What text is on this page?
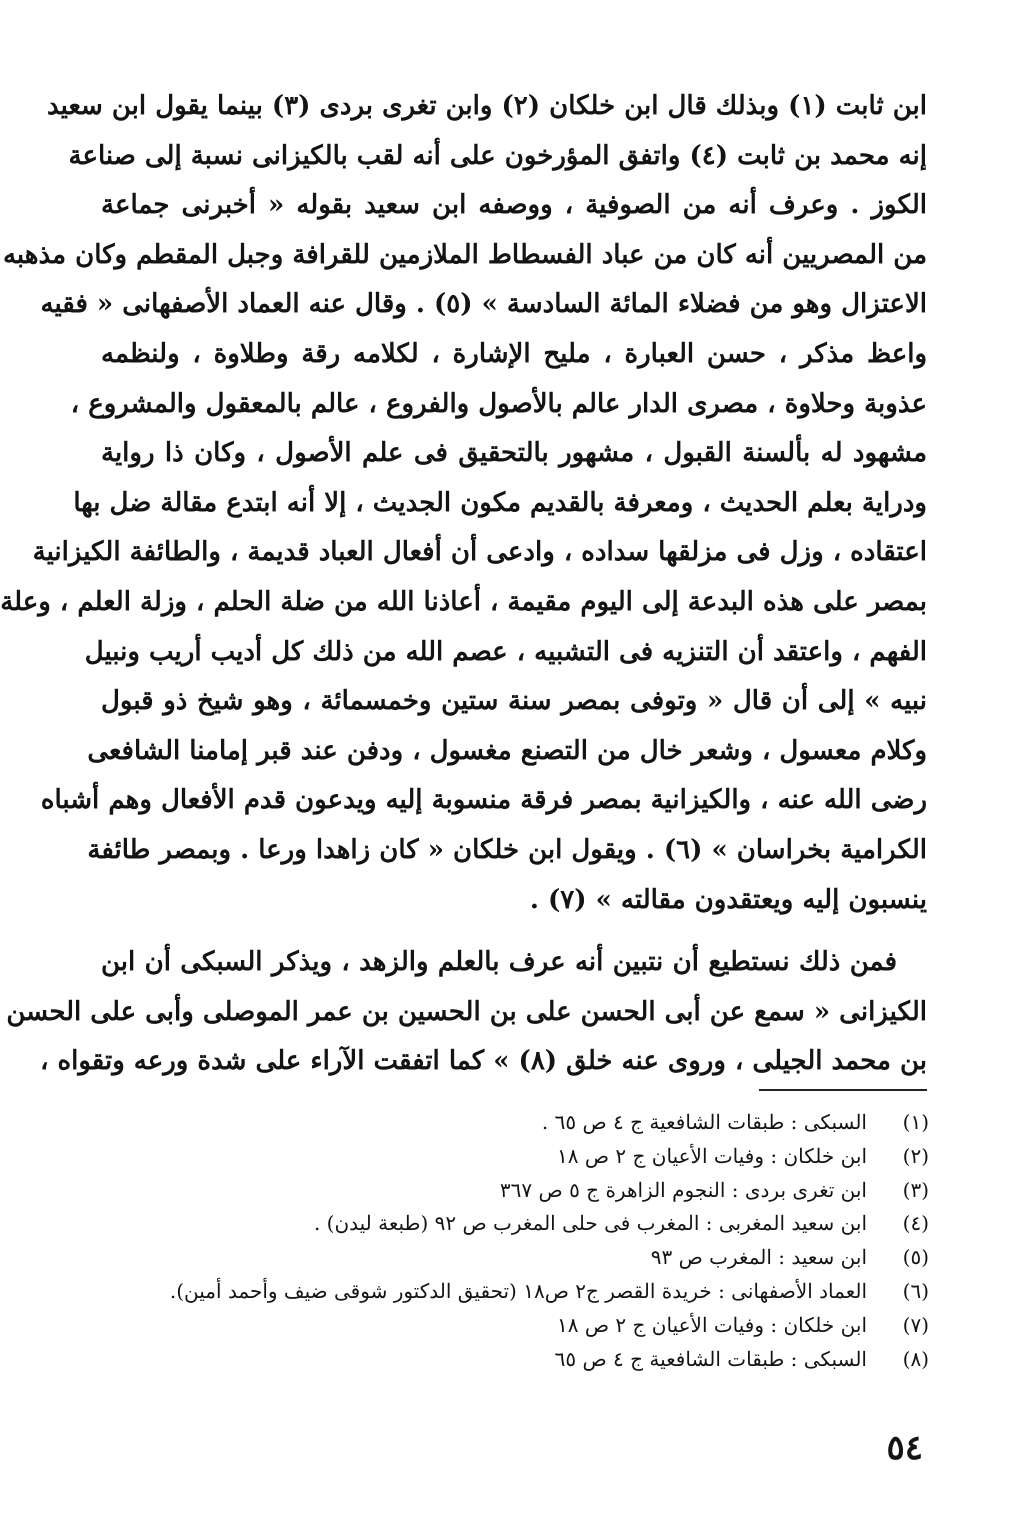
ابن ثابت (١) وبذلك قال ابن خلكان (٢) وابن تغرى بردى (٣) بينما يقول ابن سعيد
إنه محمد بن ثابت (٤) واتفق المؤرخون على أنه لقب بالكيزانى نسبة إلى صناعة
الكوز . وعرف أنه من الصوفية ، ووصفه ابن سعيد بقوله « أخبرنى جماعة
من المصريين أنه كان من عباد الفسطاط الملازمين للقرافة وجبل المقطم وكان مذهبه
الاعتزال وهو من فضلاء المائة السادسة » (٥) . وقال عنه العماد الأصفهانى « فقيه
واعظ مذكر ، حسن العبارة ، مليح الإشارة ، لكلامه رقة وطلاوة ، ولنظمه
عذوبة وحلاوة ، مصرى الدار عالم بالأصول والفروع ، عالم بالمعقول والمشروع ،
مشهود له بألسنة القبول ، مشهور بالتحقيق فى علم الأصول ، وكان ذا رواية
ودراية بعلم الحديث ، ومعرفة بالقديم مكون الجديث ، إلا أنه ابتدع مقالة ضل بها
اعتقاده ، وزل فى مزلقها سداده ، وادعى أن أفعال العباد قديمة ، والطائفة الكيزانية
بمصر على هذه البدعة إلى اليوم مقيمة ، أعاذنا الله من ضلة الحلم ، وزلة العلم ، وعلة
الفهم ، واعتقد أن التنزيه فى التشبيه ، عصم الله من ذلك كل أديب أريب ونبيل
نبيه » إلى أن قال « وتوفى بمصر سنة ستين وخمسمائة ، وهو شيخ ذو قبول
وكلام معسول ، وشعر خال من التصنع مغسول ، ودفن عند قبر إمامنا الشافعى
رضى الله عنه ، والكيزانية بمصر فرقة منسوبة إليه ويدعون قدم الأفعال وهم أشباه
الكرامية بخراسان » (٦) . ويقول ابن خلكان « كان زاهدا ورعا . وبمصر طائفة
ينسبون إليه ويعتقدون مقالته » (٧) .
فمن ذلك نستطيع أن نتبين أنه عرف بالعلم والزهد ، ويذكر السبكى أن ابن
الكيزانى « سمع عن أبى الحسن على بن الحسين بن عمر الموصلى وأبى على الحسن
بن محمد الجيلى ، وروى عنه خلق (٨) » كما اتفقت الآراء على شدة ورعه وتقواه ،
(١)
السبكى : طبقات الشافعية ج ٤ ص ٦٥ .
(٢)
ابن خلكان : وفيات الأعيان ج ٢ ص ١٨
(٣)
ابن تغرى بردى : النجوم الزاهرة ج ٥ ص ٣٦٧
(٤)
ابن سعيد المغربى : المغرب فى حلى المغرب ص ٩٢ (طبعة ليدن) .
(٥)
ابن سعيد : المغرب ص ٩٣
(٦)
العماد الأصفهانى : خريدة القصر ج٢ ص١٨ (تحقيق الدكتور شوقى ضيف وأحمد أمين).
(٧)
ابن خلكان : وفيات الأعيان ج ٢ ص ١٨
(٨)
السبكى : طبقات الشافعية ج ٤ ص ٦٥
٥٤
